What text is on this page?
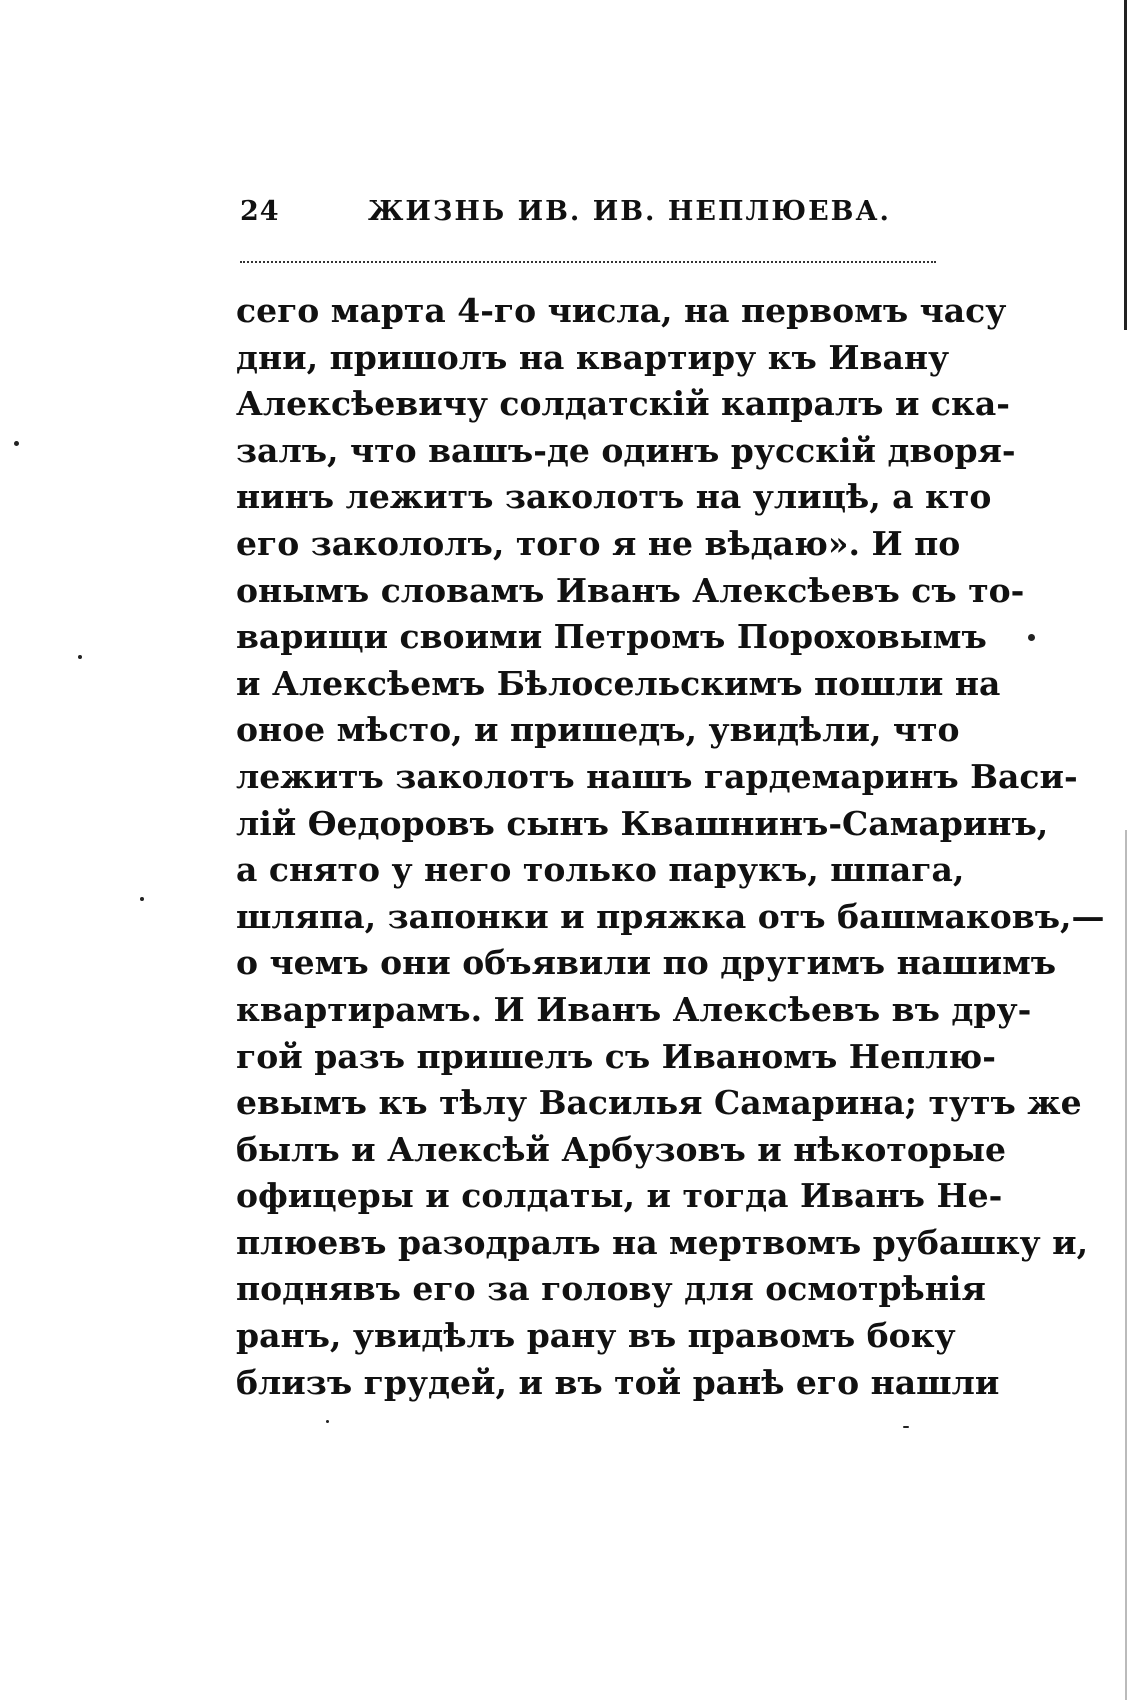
24	ЖИЗНЬ ИВ. ИВ. НЕПЛЮЕВА.
сего марта 4-го числа, на первомъ часу
дни, пришолъ на квартиру къ Ивану
Алексѣевичу солдатскій капралъ и ска-
залъ, что вашъ-де одинъ русскій дворя-
нинъ лежитъ заколотъ на улицѣ, а кто
его закололъ, того я не вѣдаю». И по
онымъ словамъ Иванъ Алексѣевъ съ то-
варищи своими Петромъ Пороховымъ
и Алексѣемъ Бѣлосельскимъ пошли на
оное мѣсто, и пришедъ, увидѣли, что
лежитъ заколотъ нашъ гардемаринъ Васи-
лій Ѳедоровъ сынъ Квашнинъ-Самаринъ,
а снято у него только парукъ, шпага,
шляпа, запонки и пряжка отъ башмаковъ,—
о чемъ они объявили по другимъ нашимъ
квартирамъ. И Иванъ Алексѣевъ въ дру-
гой разъ пришелъ съ Иваномъ Неплю-
евымъ къ тѣлу Василья Самарина; тутъ же
былъ и Алексѣй Арбузовъ и нѣкоторые
офицеры и солдаты, и тогда Иванъ Не-
плюевъ разодралъ на мертвомъ рубашку и,
поднявъ его за голову для осмотрѣнія
ранъ, увидѣлъ рану въ правомъ боку
близъ грудей, и въ той ранѣ его нашли
